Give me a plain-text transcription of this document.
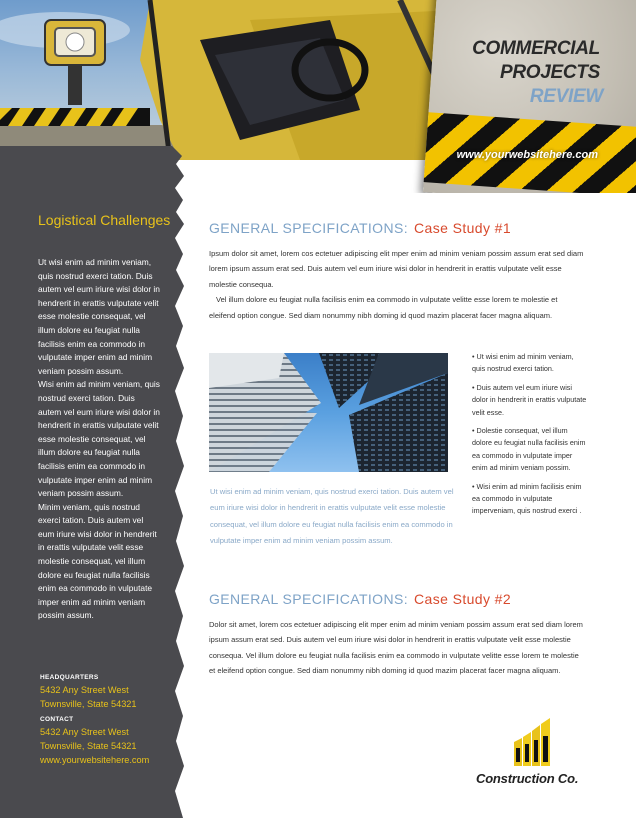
COMMERCIAL
PROJECTS
REVIEW
www.yourwebsitehere.com
Logistical Challenges

Ut wisi enim ad minim veniam, quis nostrud exerci tation. Duis autem vel eum iriure wisi dolor in hendrerit in erattis vulputate velit esse molestie consequat, vel illum dolore eu feugiat nulla facilisis enim ea commodo in vulputate imper enim ad minim veniam possim assum.

Wisi enim ad minim veniam, quis nostrud exerci tation. Duis autem vel eum iriure wisi dolor in hendrerit in erattis vulputate velit esse molestie consequat, vel illum dolore eu feugiat nulla facilisis enim ea commodo in vulputate imper enim ad minim veniam possim assum.

Minim veniam, quis nostrud exerci tation. Duis autem vel eum iriure wisi dolor in hendrerit in erattis vulputate velit esse molestie consequat, vel illum dolore eu feugiat nulla facilisis enim ea commodo in vulputate imper enim ad minim veniam possim assum.

HEADQUARTERS
5432 Any Street West
Townsville, State 54321
CONTACT
5432 Any Street West
Townsville, State 54321
www.yourwebsitehere.com
GENERAL SPECIFICATIONS: Case Study #1

Ipsum dolor sit amet, lorem cos ectetuer adipiscing elit mper enim ad minim veniam possim assum erat sed diam lorem ipsum assum erat sed. Duis autem vel eum iriure wisi dolor in hendrerit in erattis vulputate velit esse molestie consequa.

Vel illum dolore eu feugiat nulla facilisis enim ea commodo in vulputate velitte esse lorem te molestie et eleifend option congue. Sed diam nonummy nibh doming id quod mazim placerat facer magna aliquam.

Ut wisi enim ad minim veniam, quis nostrud exerci tation. Duis autem vel eum iriure wisi dolor in hendrerit in erattis vulputate velit esse molestie consequat, vel illum dolore eu feugiat nulla facilisis enim ea commodo in vulputate imper enim ad minim veniam possim assum.
• Ut wisi enim ad minim veniam, quis nostrud exerci tation.
• Duis autem vel eum iriure wisi dolor in hendrerit in erattis vulputate velit esse.
• Dolestie consequat, vel illum dolore eu feugiat nulla facilisis enim ea commodo in vulputate imper enim ad minim veniam possim.
• Wisi enim ad minim facilisis enim ea commodo in vulputate imperveniam, quis nostrud exerci .
GENERAL SPECIFICATIONS: Case Study #2

Dolor sit amet, lorem cos ectetuer adipiscing elit mper enim ad minim veniam possim assum erat sed diam lorem ipsum assum erat sed. Duis autem vel eum iriure wisi dolor in hendrerit in erattis vulputate velit esse molestie consequa. Vel illum dolore eu feugiat nulla facilisis enim ea commodo in vulputate velitte esse lorem te molestie et eleifend option congue. Sed diam nonummy nibh doming id quod mazim placerat facer magna aliquam.

Construction Co.
